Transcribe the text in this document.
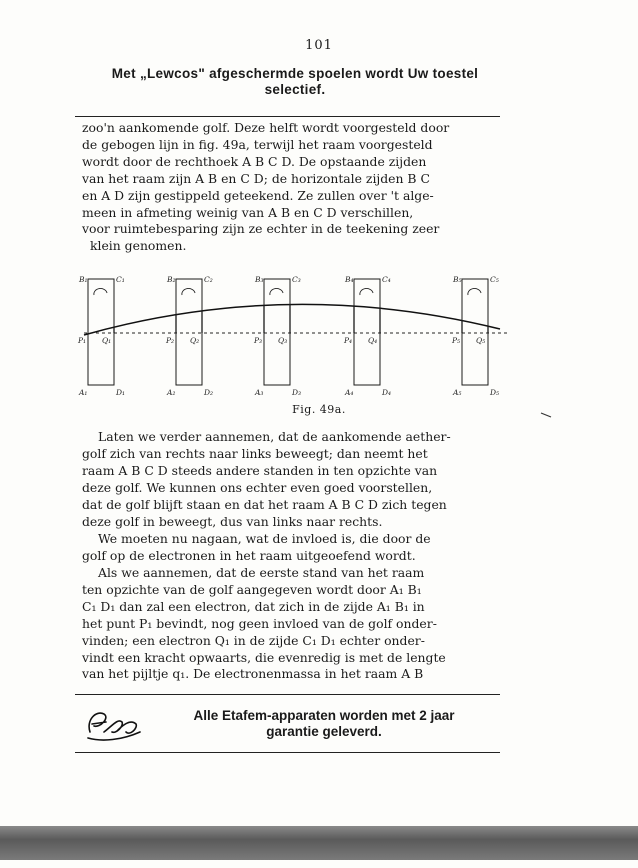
101
Met „Lewcos" afgeschermde spoelen wordt Uw toestel
selectief.
zoo'n aankomende golf. Deze helft wordt voorgesteld door
de gebogen lijn in fig. 49a, terwijl het raam voorgesteld
wordt door de rechthoek A B C D. De opstaande zijden
van het raam zijn A B en C D; de horizontale zijden B C
en A D zijn gestippeld geteekend. Ze zullen over 't alge-
meen in afmeting weinig van A B en C D verschillen,
voor ruimtebesparing zijn ze echter in de teekening zeer
klein genomen.
B₁	C₁
A₁	D₁
P₁ Q₁
B₂	C₂
A₂	D₂
P₂ Q₂
B₃	C₃
A₃	D₃
P₃ Q₃
B₄	C₄
A₄	D₄
P₄ Q₄
B₅	C₅
A₅	D₅
P₅ Q₅
Fig. 49a.
Laten we verder aannemen, dat de aankomende aether-
golf zich van rechts naar links beweegt; dan neemt het
raam A B C D steeds andere standen in ten opzichte van
deze golf. We kunnen ons echter even goed voorstellen,
dat de golf blijft staan en dat het raam A B C D zich tegen
deze golf in beweegt, dus van links naar rechts.
We moeten nu nagaan, wat de invloed is, die door de
golf op de electronen in het raam uitgeoefend wordt.
Als we aannemen, dat de eerste stand van het raam
ten opzichte van de golf aangegeven wordt door A₁ B₁
C₁ D₁ dan zal een electron, dat zich in de zijde A₁ B₁ in
het punt P₁ bevindt, nog geen invloed van de golf onder-
vinden; een electron Q₁ in de zijde C₁ D₁ echter onder-
vindt een kracht opwaarts, die evenredig is met de lengte
van het pijltje q₁. De electronenmassa in het raam A B
Alle Etafem-apparaten worden met 2 jaar
garantie geleverd.
